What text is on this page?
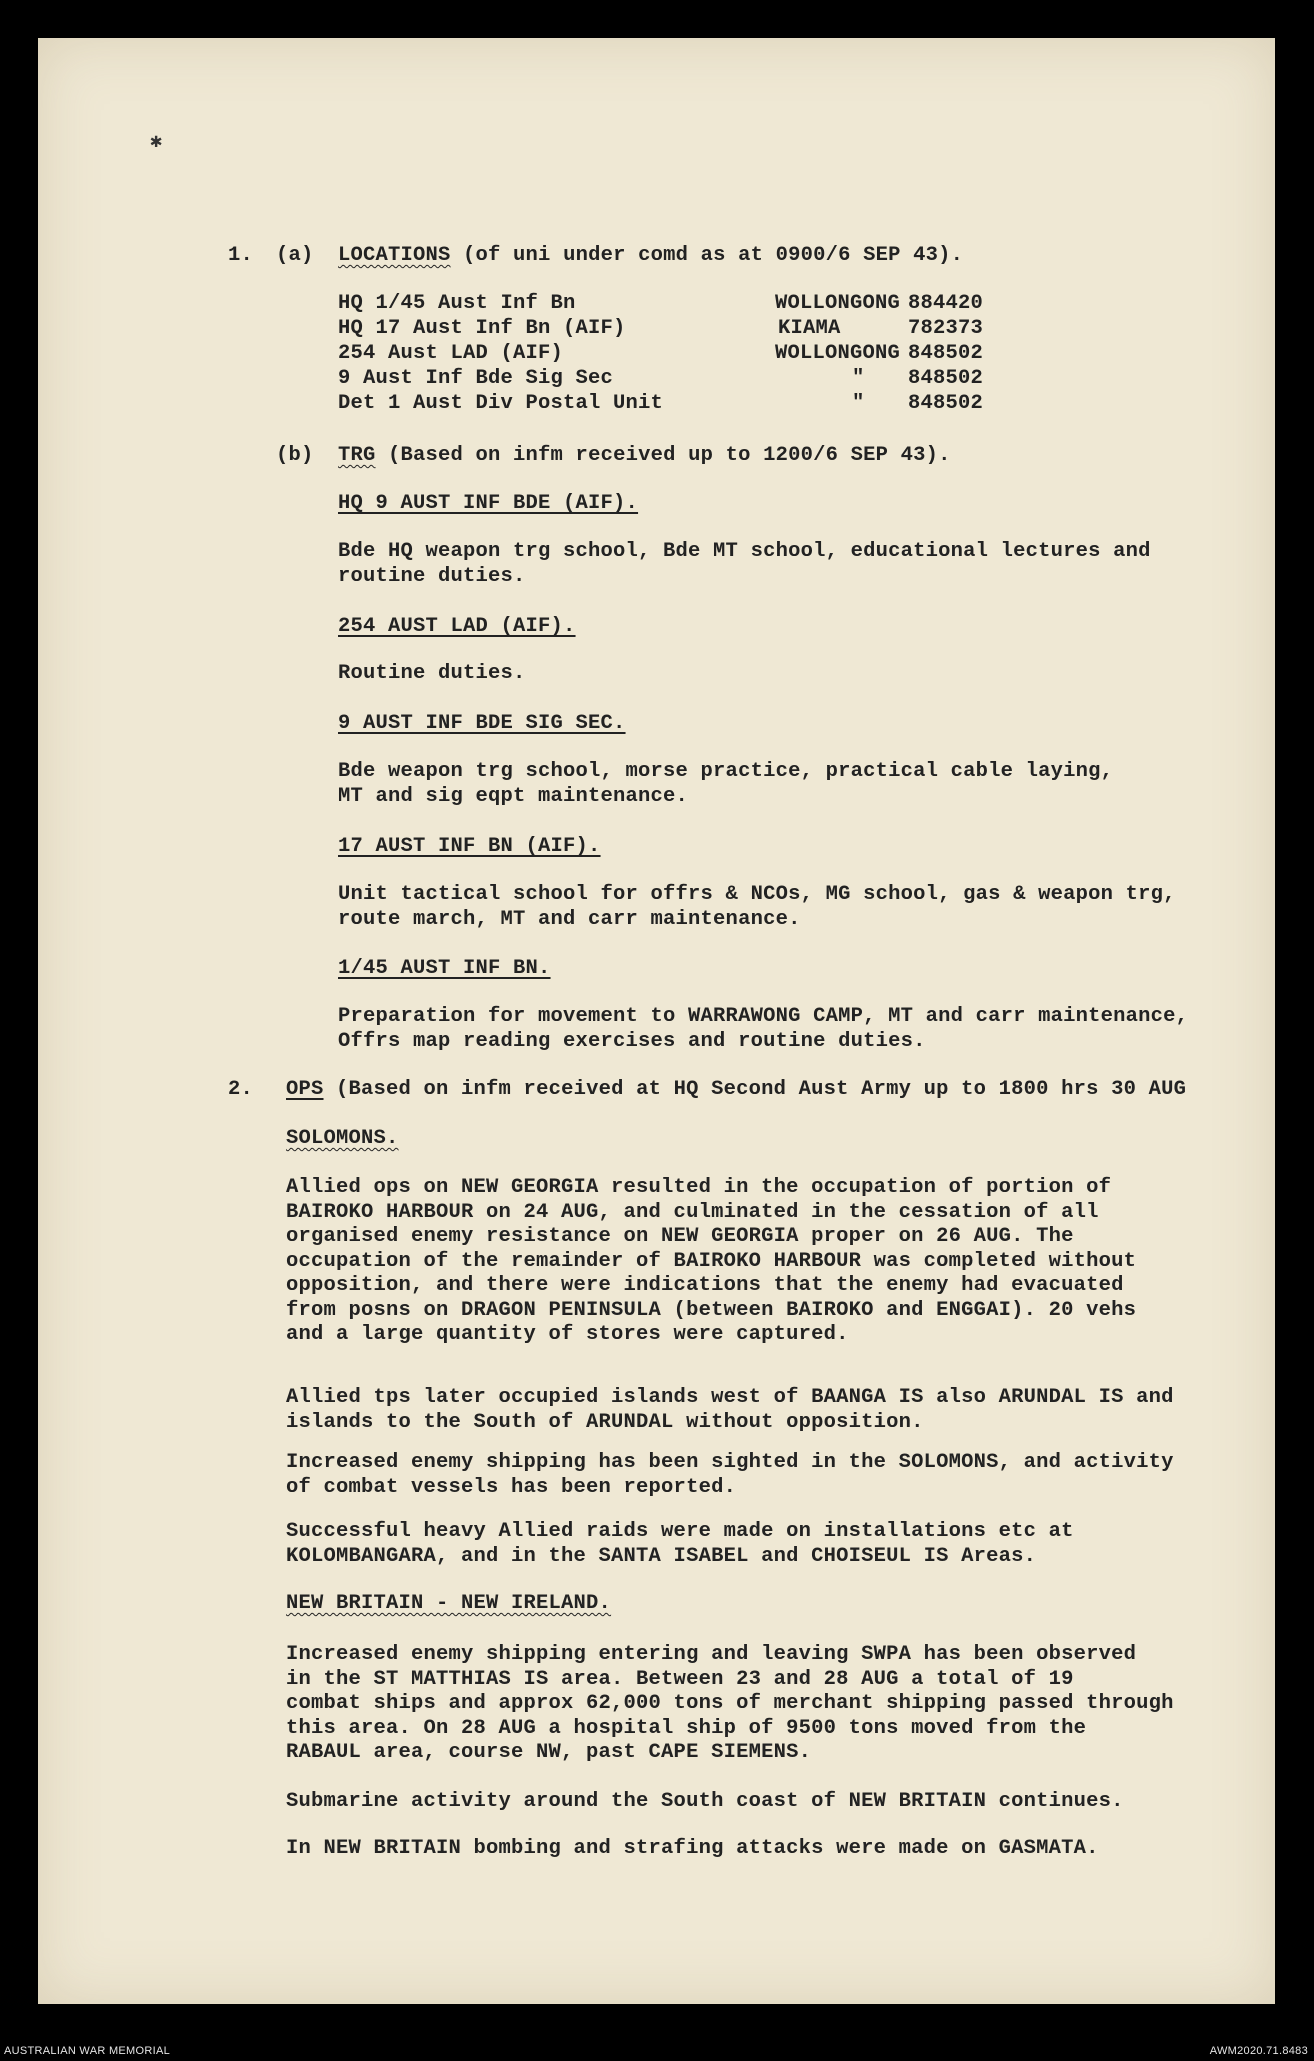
✱
1. (a) LOCATIONS (of uni under comd as at 0900/6 SEP 43).
HQ 1/45 Aust Inf Bn	WOLLONGONG 884420
HQ 17 Aust Inf Bn (AIF)	KIAMA	782373
254 Aust LAD (AIF)	WOLLONGONG 848502
9 Aust Inf Bde Sig Sec	" 848502
Det 1 Aust Div Postal Unit	" 848502
(b) TRG (Based on infm received up to 1200/6 SEP 43).
HQ 9 AUST INF BDE (AIF).
Bde HQ weapon trg school, Bde MT school, educational lectures and
routine duties.
254 AUST LAD (AIF).
Routine duties.
9 AUST INF BDE SIG SEC.
Bde weapon trg school, morse practice, practical cable laying,
MT and sig eqpt maintenance.
17 AUST INF BN (AIF).
Unit tactical school for offrs & NCOs, MG school, gas & weapon trg,
route march, MT and carr maintenance.
1/45 AUST INF BN.
Preparation for movement to WARRAWONG CAMP, MT and carr maintenance,
Offrs map reading exercises and routine duties.
2. OPS (Based on infm received at HQ Second Aust Army up to 1800 hrs 30 AUG
SOLOMONS.
Allied ops on NEW GEORGIA resulted in the occupation of portion of
BAIROKO HARBOUR on 24 AUG, and culminated in the cessation of all
organised enemy resistance on NEW GEORGIA proper on 26 AUG. The
occupation of the remainder of BAIROKO HARBOUR was completed without
opposition, and there were indications that the enemy had evacuated
from posns on DRAGON PENINSULA (between BAIROKO and ENGGAI). 20 vehs
and a large quantity of stores were captured.
Allied tps later occupied islands west of BAANGA IS also ARUNDAL IS and
islands to the South of ARUNDAL without opposition.
Increased enemy shipping has been sighted in the SOLOMONS, and activity
of combat vessels has been reported.
Successful heavy Allied raids were made on installations etc at
KOLOMBANGARA, and in the SANTA ISABEL and CHOISEUL IS Areas.
NEW BRITAIN - NEW IRELAND.
Increased enemy shipping entering and leaving SWPA has been observed
in the ST MATTHIAS IS area. Between 23 and 28 AUG a total of 19
combat ships and approx 62,000 tons of merchant shipping passed through
this area. On 28 AUG a hospital ship of 9500 tons moved from the
RABAUL area, course NW, past CAPE SIEMENS.
Submarine activity around the South coast of NEW BRITAIN continues.
In NEW BRITAIN bombing and strafing attacks were made on GASMATA.
AUSTRALIAN WAR MEMORIAL	AWM2020.71.8483
